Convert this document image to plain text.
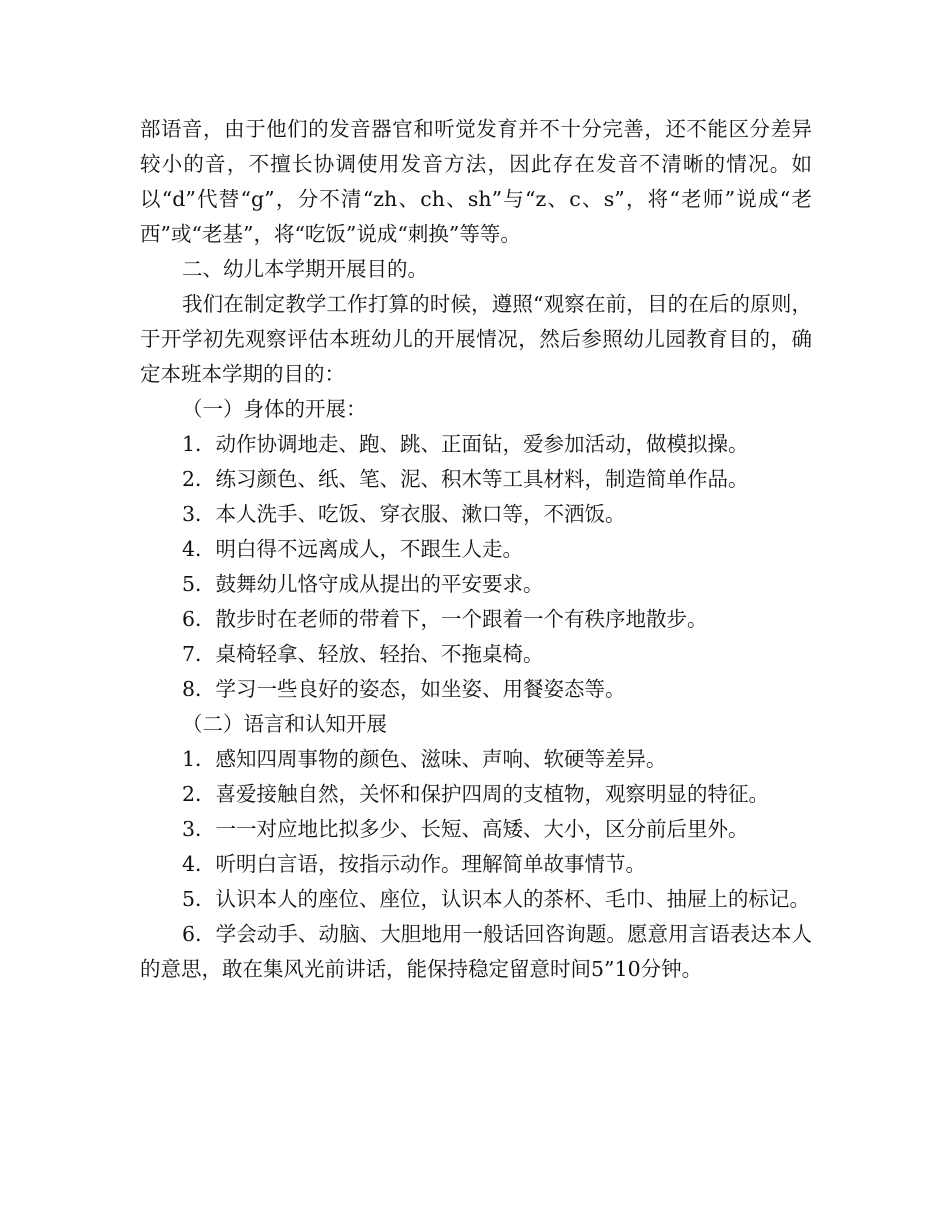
部语音，由于他们的发音器官和听觉发育并不十分完善，还不能区分差异较小的音，不擅长协调使用发音方法，因此存在发音不清晰的情况。如以“d”代替“g”，分不清“zh、ch、sh”与“z、c、s”，将“老师”说成“老西”或“老基”，将“吃饭”说成“刺换”等等。

二、幼儿本学期开展目的。

我们在制定教学工作打算的时候，遵照“观察在前，目的在后的原则，于开学初先观察评估本班幼儿的开展情况，然后参照幼儿园教育目的，确定本班本学期的目的：

（一）身体的开展：

1．动作协调地走、跑、跳、正面钻，爱参加活动，做模拟操。

2．练习颜色、纸、笔、泥、积木等工具材料，制造简单作品。

3．本人洗手、吃饭、穿衣服、漱口等，不洒饭。

4．明白得不远离成人，不跟生人走。

5．鼓舞幼儿恪守成从提出的平安要求。

6．散步时在老师的带着下，一个跟着一个有秩序地散步。

7．桌椅轻拿、轻放、轻抬、不拖桌椅。

8．学习一些良好的姿态，如坐姿、用餐姿态等。

（二）语言和认知开展

1．感知四周事物的颜色、滋味、声响、软硬等差异。

2．喜爱接触自然，关怀和保护四周的支植物，观察明显的特征。

3．一一对应地比拟多少、长短、高矮、大小，区分前后里外。

4．听明白言语，按指示动作。理解简单故事情节。

5．认识本人的座位、座位，认识本人的茶杯、毛巾、抽屉上的标记。

6．学会动手、动脑、大胆地用一般话回咨询题。愿意用言语表达本人的意思，敢在集风光前讲话，能保持稳定留意时间5”10分钟。
